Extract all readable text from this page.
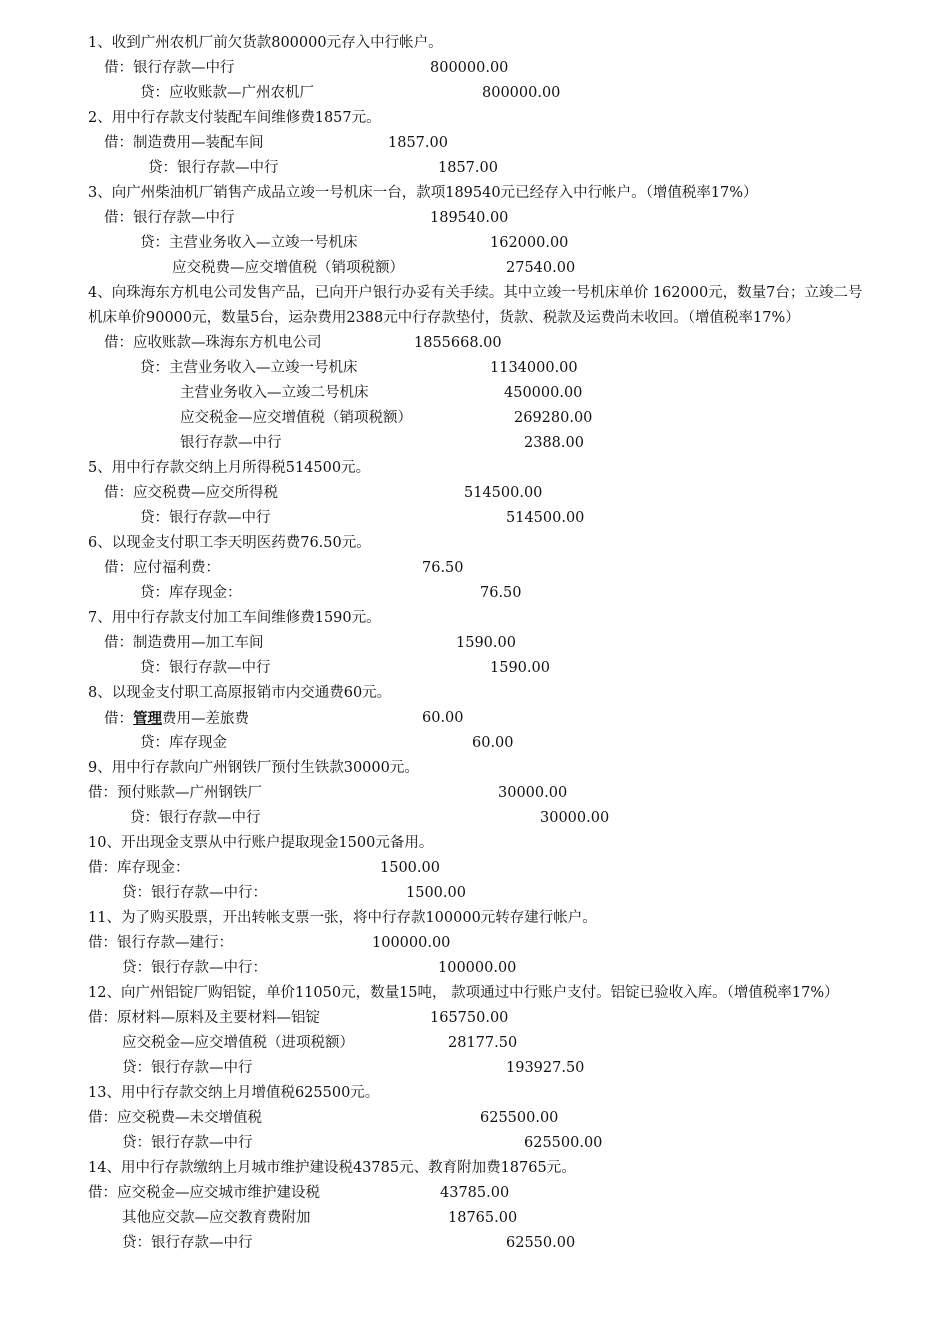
1、收到广州农机厂前欠货款800000元存入中行帐户。
借：银行存款—中行	800000.00
贷：应收账款—广州农机厂	800000.00
2、用中行存款支付装配车间维修费1857元。
借：制造费用—装配车间	1857.00
贷：银行存款—中行	1857.00
3、向广州柴油机厂销售产成品立竣一号机床一台，款项189540元已经存入中行帐户。（增值税率17%）
借：银行存款—中行	189540.00
贷：主营业务收入—立竣一号机床	162000.00
应交税费—应交增值税（销项税额）	27540.00
4、向珠海东方机电公司发售产品，已向开户银行办妥有关手续。其中立竣一号机床单价 162000元，数量7台；立竣二号机床单价90000元，数量5台，运杂费用2388元中行存款垫付，货款、税款及运费尚未收回。（增值税率17%）
借：应收账款—珠海东方机电公司	1855668.00
贷：主营业务收入—立竣一号机床	1134000.00
主营业务收入—立竣二号机床	450000.00
应交税金—应交增值税（销项税额）	269280.00
银行存款—中行	2388.00
5、用中行存款交纳上月所得税514500元。
借：应交税费—应交所得税	514500.00
贷：银行存款—中行	514500.00
6、以现金支付职工李天明医药费76.50元。
借：应付福利费：	76.50
贷：库存现金：	76.50
7、用中行存款支付加工车间维修费1590元。
借：制造费用—加工车间	1590.00
贷：银行存款—中行	1590.00
8、以现金支付职工高原报销市内交通费60元。
借：管理费用—差旅费	60.00
贷：库存现金	60.00
9、用中行存款向广州钢铁厂预付生铁款30000元。
借：预付账款—广州钢铁厂	30000.00
贷：银行存款—中行	30000.00
10、开出现金支票从中行账户提取现金1500元备用。
借：库存现金：	1500.00
贷：银行存款—中行：	1500.00
11、为了购买股票，开出转帐支票一张，将中行存款100000元转存建行帐户。
借：银行存款—建行：	100000.00
贷：银行存款—中行：	100000.00
12、向广州铝锭厂购铝锭，单价11050元，数量15吨， 款项通过中行账户支付。铝锭已验收入库。（增值税率17%）
借：原材料—原料及主要材料—铝锭	165750.00
应交税金—应交增值税（进项税额）	28177.50
贷：银行存款—中行	193927.50
13、用中行存款交纳上月增值税625500元。
借：应交税费—未交增值税	625500.00
贷：银行存款—中行	625500.00
14、用中行存款缴纳上月城市维护建设税43785元、教育附加费18765元。
借：应交税金—应交城市维护建设税	43785.00
其他应交款—应交教育费附加	18765.00
贷：银行存款—中行	62550.00
